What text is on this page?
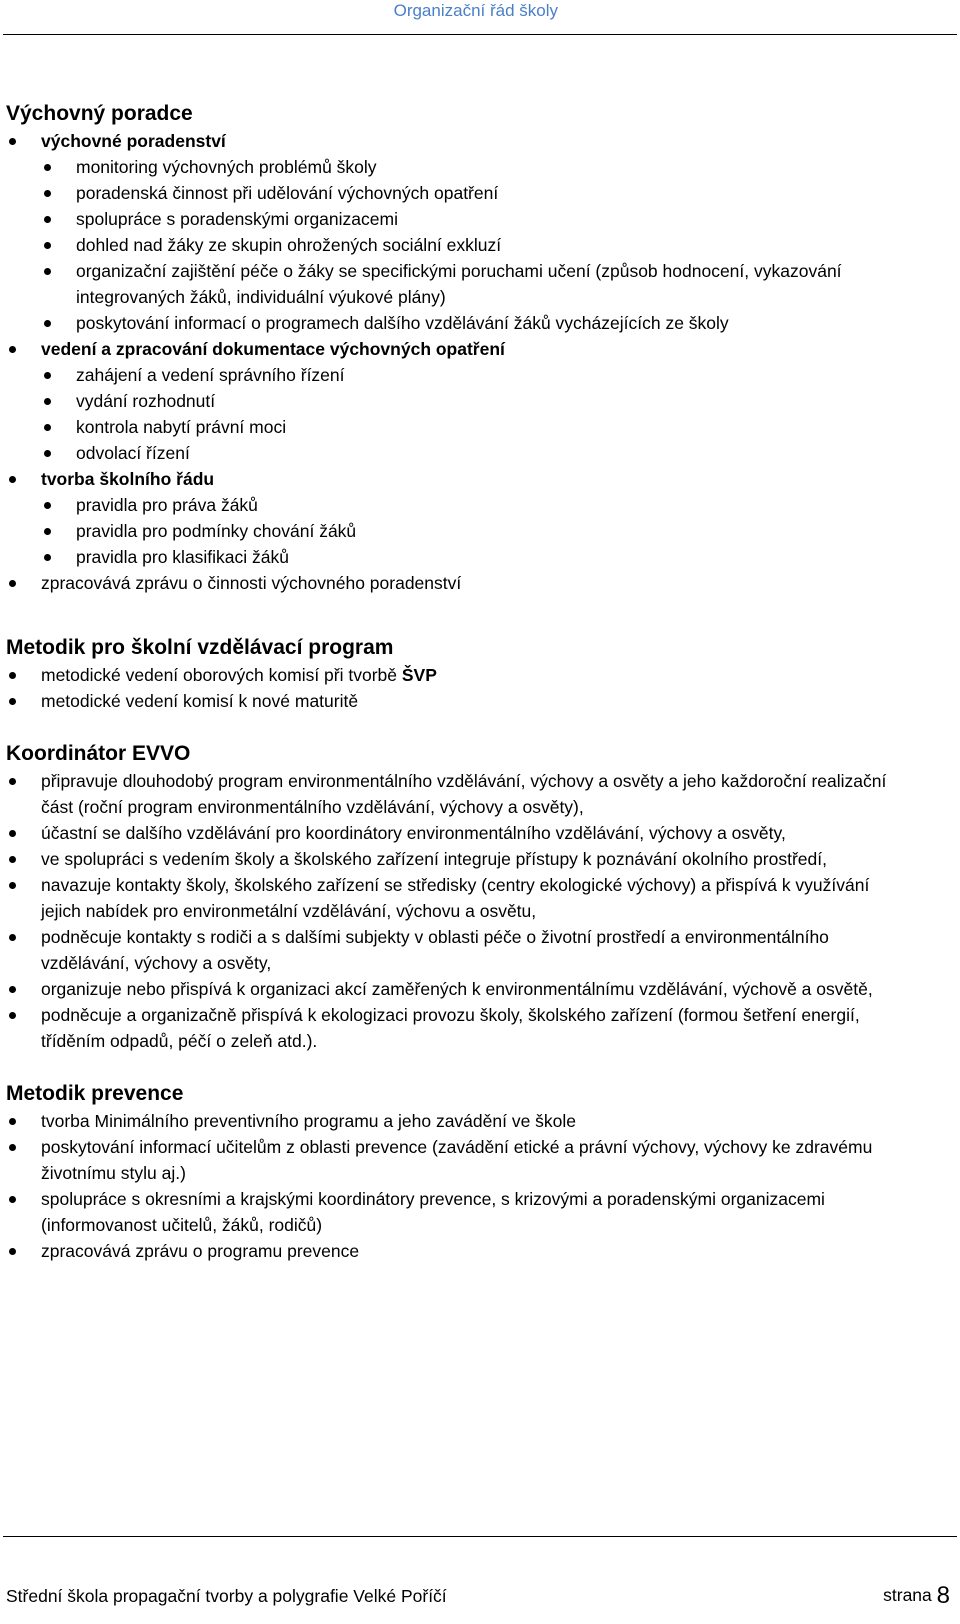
Organizační řád školy

Výchovný poradce

výchovné poradenství
monitoring výchovných problémů školy
poradenská činnost při udělování výchovných opatření
spolupráce s poradenskými organizacemi
dohled nad žáky ze skupin ohrožených sociální exkluzí
organizační zajištění péče o žáky se specifickými poruchami učení (způsob hodnocení, vykazování integrovaných žáků, individuální výukové plány)
poskytování informací o programech dalšího vzdělávání žáků vycházejících ze školy
vedení a zpracování dokumentace výchovných opatření
zahájení a vedení správního řízení
vydání rozhodnutí
kontrola nabytí právní moci
odvolací řízení
tvorba školního řádu
pravidla pro práva žáků
pravidla pro podmínky chování žáků
pravidla pro klasifikaci žáků
zpracovává zprávu o činnosti výchovného poradenství

Metodik pro školní vzdělávací program

metodické vedení oborových komisí při tvorbě ŠVP
metodické vedení komisí k nové maturitě

Koordinátor EVVO

připravuje dlouhodobý program environmentálního vzdělávání, výchovy a osvěty a jeho každoroční realizační část (roční program environmentálního vzdělávání, výchovy a osvěty),
účastní se dalšího vzdělávání pro koordinátory environmentálního vzdělávání, výchovy a osvěty,
ve spolupráci s vedením školy a školského zařízení integruje přístupy k poznávání okolního prostředí,
navazuje kontakty školy, školského zařízení se středisky (centry ekologické výchovy) a přispívá k využívání jejich nabídek pro environmetální vzdělávání, výchovu a osvětu,
podněcuje kontakty s rodiči a s dalšími subjekty v oblasti péče o životní prostředí a environmentálního vzdělávání, výchovy a osvěty,
organizuje nebo přispívá k organizaci akcí zaměřených k environmentálnímu vzdělávání, výchově a osvětě,
podněcuje a organizačně přispívá k ekologizaci provozu školy, školského zařízení (formou šetření energií, tříděním odpadů, péčí o zeleň atd.).

Metodik prevence

tvorba Minimálního preventivního programu a jeho zavádění ve škole
poskytování informací učitelům z oblasti prevence (zavádění etické a právní výchovy, výchovy ke zdravému životnímu stylu aj.)
spolupráce s okresními a krajskými koordinátory prevence, s krizovými a poradenskými organizacemi (informovanost učitelů, žáků, rodičů)
zpracovává zprávu o programu prevence
Střední škola propagační tvorby a polygrafie Velké Poříčí	strana 8
